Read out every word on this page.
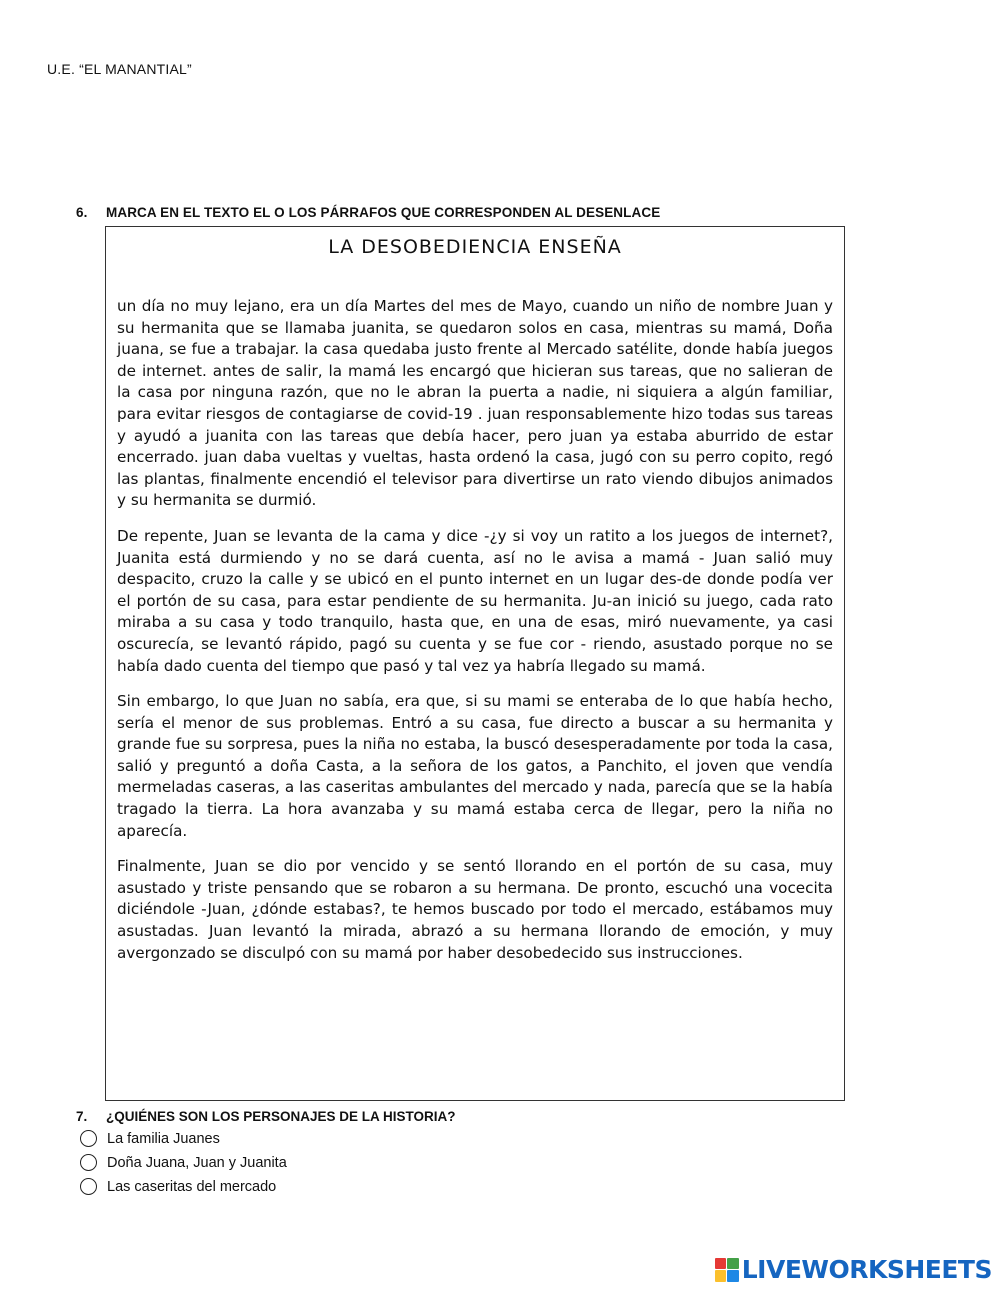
U.E. “EL MANANTIAL”
6. MARCA EN EL TEXTO EL O LOS PÁRRAFOS QUE CORRESPONDEN AL DESENLACE
LA DESOBEDIENCIA ENSEÑA

un día no muy lejano, era un día Martes del mes de Mayo, cuando un niño de nombre Juan y su hermanita que se llamaba juanita, se quedaron solos en casa, mientras su mamá, Doña juana, se fue a trabajar. la casa quedaba justo frente al Mercado satélite, donde había juegos de internet. antes de salir, la mamá les encargó que hicieran sus tareas, que no salieran de la casa por ninguna razón, que no le abran la puerta a nadie, ni siquiera a algún familiar, para evitar riesgos de contagiarse de covid-19 . juan responsablemente hizo todas sus tareas y ayudó a juanita con las tareas que debía hacer, pero juan ya estaba aburrido de estar encerrado. juan daba vueltas y vueltas, hasta ordenó la casa, jugó con su perro copito, regó las plantas, finalmente encendió el televisor para divertirse un rato viendo dibujos animados y su hermanita se durmió.

De repente, Juan se levanta de la cama y dice -¿y si voy un ratito a los juegos de internet?, Juanita está durmiendo y no se dará cuenta, así no le avisa a mamá - Juan salió muy despacito, cruzo la calle y se ubicó en el punto internet en un lugar des-de donde podía ver el portón de su casa, para estar pendiente de su hermanita. Ju-an inició su juego, cada rato miraba a su casa y todo tranquilo, hasta que, en una de esas, miró nuevamente, ya casi oscurecía, se levantó rápido, pagó su cuenta y se fue cor - riendo, asustado porque no se había dado cuenta del tiempo que pasó y tal vez ya habría llegado su mamá.

Sin embargo, lo que Juan no sabía, era que, si su mami se enteraba de lo que había hecho, sería el menor de sus problemas. Entró a su casa, fue directo a buscar a su hermanita y grande fue su sorpresa, pues la niña no estaba, la buscó desesperadamente por toda la casa, salió y preguntó a doña Casta, a la señora de los gatos, a Panchito, el joven que vendía mermeladas caseras, a las caseritas ambulantes del mercado y nada, parecía que se la había tragado la tierra. La hora avanzaba y su mamá estaba cerca de llegar, pero la niña no aparecía.

Finalmente, Juan se dio por vencido y se sentó llorando en el portón de su casa, muy asustado y triste pensando que se robaron a su hermana. De pronto, escuchó una vocecita diciéndole -Juan, ¿dónde estabas?, te hemos buscado por todo el mercado, estábamos muy asustadas. Juan levantó la mirada, abrazó a su hermana llorando de emoción, y muy avergonzado se disculpó con su mamá por haber desobedecido sus instrucciones.

7. ¿QUIÉNES SON LOS PERSONAJES DE LA HISTORIA?
La familia Juanes
Doña Juana, Juan y Juanita
Las caseritas del mercado
LIVEWORKSHEETS
